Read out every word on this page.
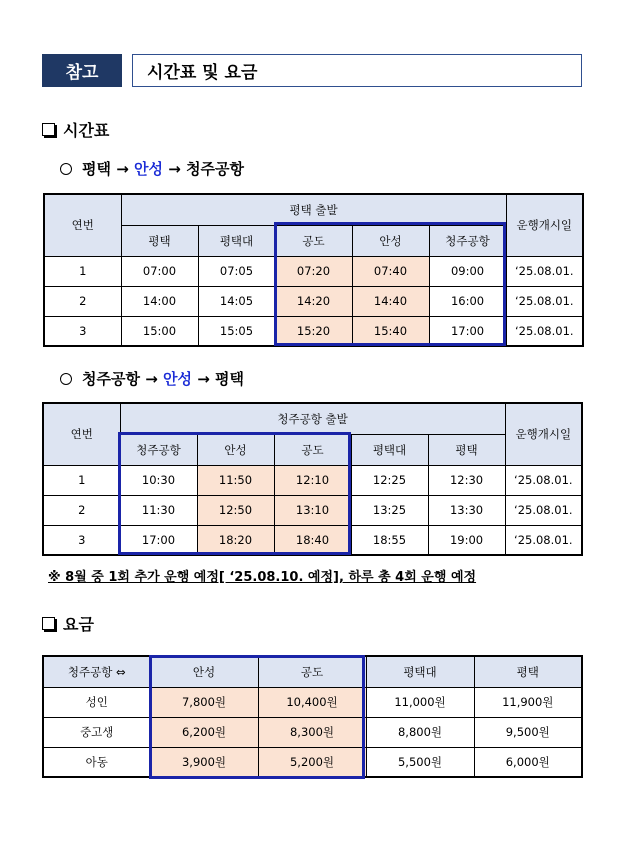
참고	시간표 및 요금
시간표
평택
→
안성
→
청주공항
연번	평택 출발					운행개시일
	평택	평택대	공도	안성	청주공항	
1	07:00	07:05	07:20	07:40	09:00	‘25.08.01.
2	14:00	14:05	14:20	14:40	16:00	‘25.08.01.
3	15:00	15:05	15:20	15:40	17:00	‘25.08.01.
청주공항
→
안성
→
평택
연번	청주공항 출발					운행개시일
	청주공항	안성	공도	평택대	평택	
1	10:30	11:50	12:10	12:25	12:30	‘25.08.01.
2	11:30	12:50	13:10	13:25	13:30	‘25.08.01.
3	17:00	18:20	18:40	18:55	19:00	‘25.08.01.
※ 8월 중 1회 추가 운행 예정[ ‘25.08.10. 예정], 하루 총 4회 운행 예정
요금
청주공항 ⇔	안성	공도	평택대	평택
성인	7,800원	10,400원	11,000원	11,900원
중고생	6,200원	8,300원	8,800원	9,500원
아동	3,900원	5,200원	5,500원	6,000원
